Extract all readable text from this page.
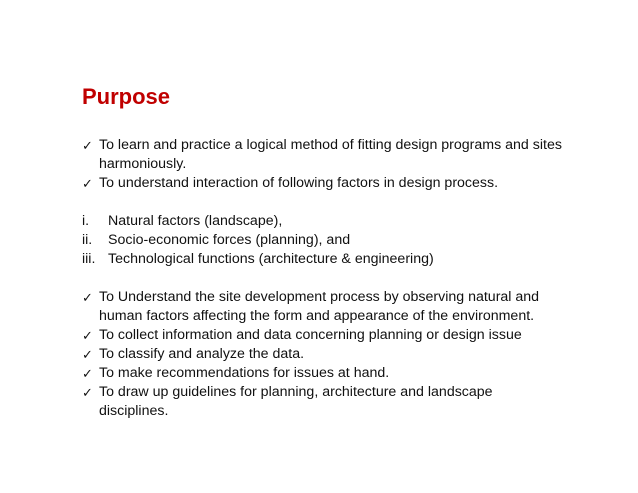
Purpose
✓ To learn and practice a logical method of fitting design programs and sites harmoniously.
✓ To understand interaction of following factors in design process.
i.	Natural factors (landscape),
ii.	Socio-economic forces (planning), and
iii. Technological functions (architecture & engineering)
✓ To Understand the site development process by observing natural and human factors affecting the form and appearance of the environment.
✓ To collect information and data concerning planning or design issue
✓ To classify and analyze the data.
✓ To make recommendations for issues at hand.
✓ To draw up guidelines for planning, architecture and landscape disciplines.
